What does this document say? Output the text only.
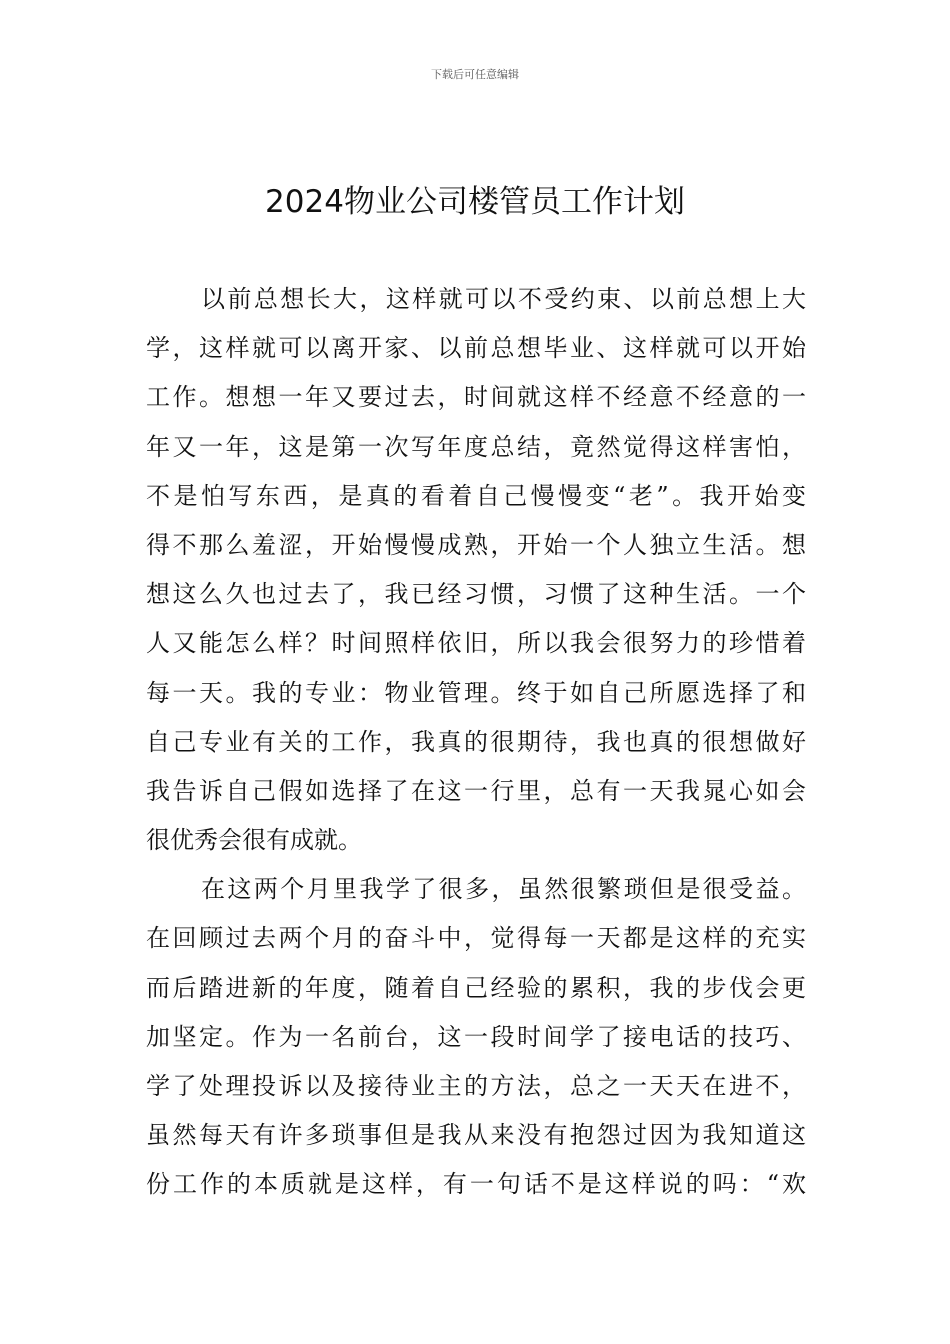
下载后可任意编辑
2024物业公司楼管员工作计划
以前总想长大，这样就可以不受约束、以前总想上大
学，这样就可以离开家、以前总想毕业、这样就可以开始
工作。想想一年又要过去，时间就这样不经意不经意的一
年又一年，这是第一次写年度总结，竟然觉得这样害怕，
不是怕写东西，是真的看着自己慢慢变“老”。我开始变
得不那么羞涩，开始慢慢成熟，开始一个人独立生活。想
想这么久也过去了，我已经习惯，习惯了这种生活。一个
人又能怎么样？时间照样依旧，所以我会很努力的珍惜着
每一天。我的专业：物业管理。终于如自己所愿选择了和
自己专业有关的工作，我真的很期待，我也真的很想做好
我告诉自己假如选择了在这一行里，总有一天我晁心如会
很优秀会很有成就。
在这两个月里我学了很多，虽然很繁琐但是很受益。
在回顾过去两个月的奋斗中，觉得每一天都是这样的充实
而后踏进新的年度，随着自己经验的累积，我的步伐会更
加坚定。作为一名前台，这一段时间学了接电话的技巧、
学了处理投诉以及接待业主的方法，总之一天天在进不，
虽然每天有许多琐事但是我从来没有抱怨过因为我知道这
份工作的本质就是这样，有一句话不是这样说的吗：“欢
